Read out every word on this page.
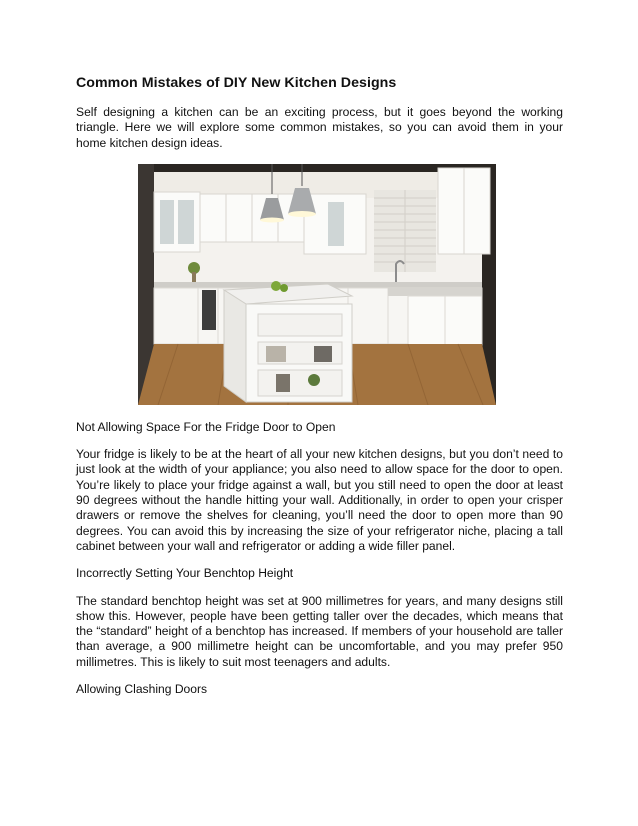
Common Mistakes of DIY New Kitchen Designs

Self designing a kitchen can be an exciting process, but it goes beyond the working triangle. Here we will explore some common mistakes, so you can avoid them in your home kitchen design ideas.

Not Allowing Space For the Fridge Door to Open

Your fridge is likely to be at the heart of all your new kitchen designs, but you don’t need to just look at the width of your appliance; you also need to allow space for the door to open. You’re likely to place your fridge against a wall, but you still need to open the door at least 90 degrees without the handle hitting your wall. Additionally, in order to open your crisper drawers or remove the shelves for cleaning, you’ll need the door to open more than 90 degrees. You can avoid this by increasing the size of your refrigerator niche, placing a tall cabinet between your wall and refrigerator or adding a wide filler panel.

Incorrectly Setting Your Benchtop Height

The standard benchtop height was set at 900 millimetres for years, and many designs still show this. However, people have been getting taller over the decades, which means that the “standard” height of a benchtop has increased. If members of your household are taller than average, a 900 millimetre height can be uncomfortable, and you may prefer 950 millimetres. This is likely to suit most teenagers and adults.

Allowing Clashing Doors
